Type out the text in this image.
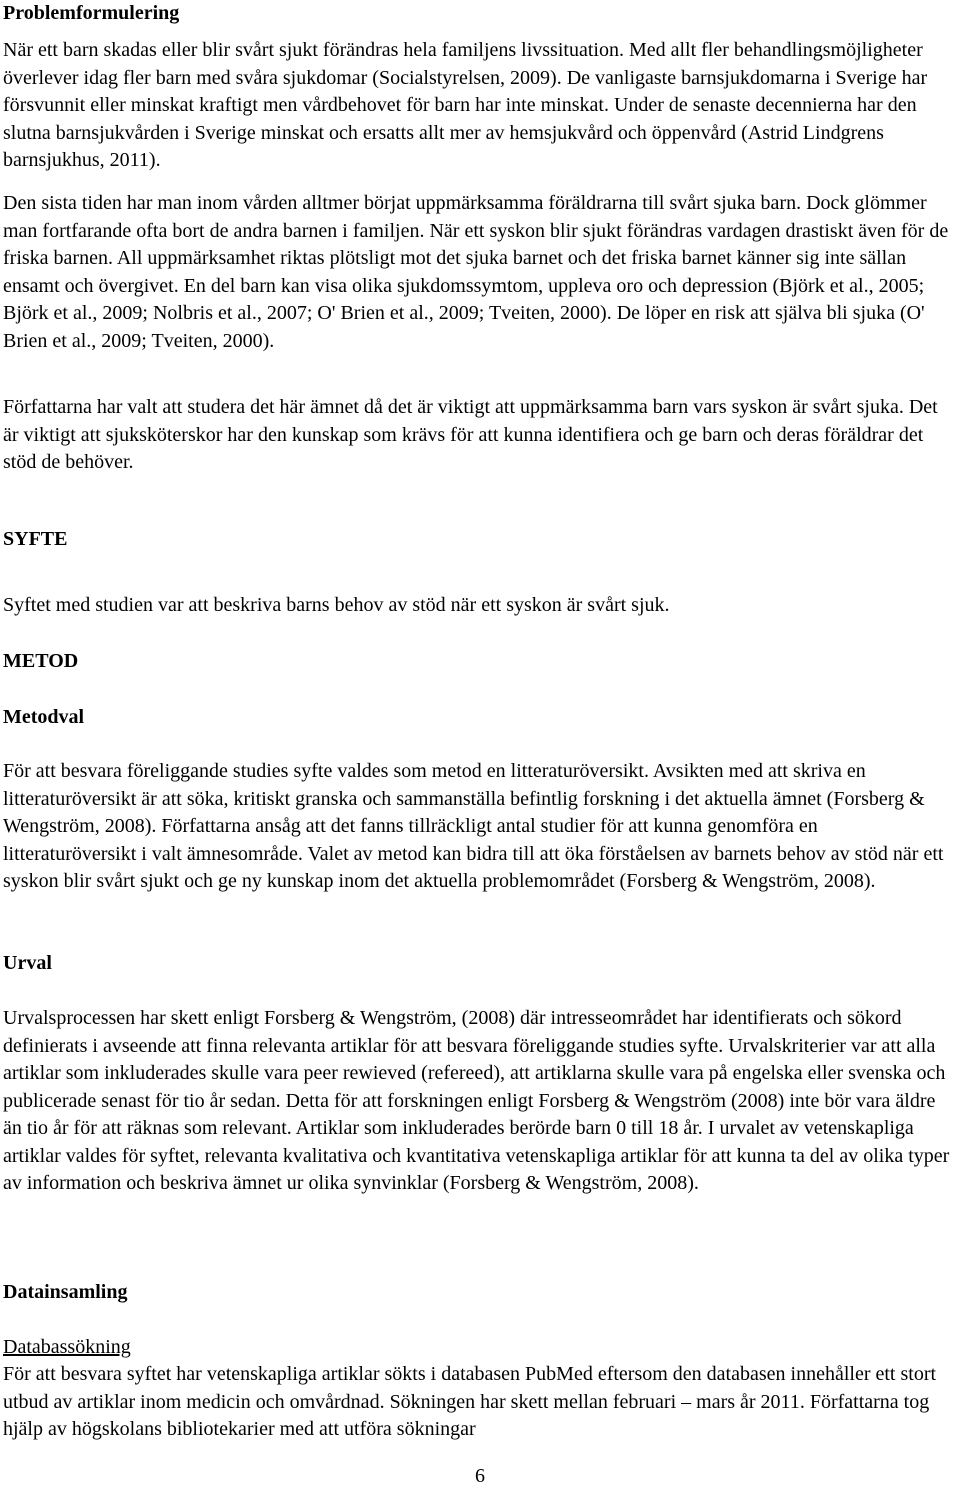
Problemformulering

När ett barn skadas eller blir svårt sjukt förändras hela familjens livssituation. Med allt fler behandlingsmöjligheter överlever idag fler barn med svåra sjukdomar (Socialstyrelsen, 2009). De vanligaste barnsjukdomarna i Sverige har försvunnit eller minskat kraftigt men vårdbehovet för barn har inte minskat. Under de senaste decennierna har den slutna barnsjukvården i Sverige minskat och ersatts allt mer av hemsjukvård och öppenvård (Astrid Lindgrens barnsjukhus, 2011).

Den sista tiden har man inom vården alltmer börjat uppmärksamma föräldrarna till svårt sjuka barn. Dock glömmer man fortfarande ofta bort de andra barnen i familjen. När ett syskon blir sjukt förändras vardagen drastiskt även för de friska barnen. All uppmärksamhet riktas plötsligt mot det sjuka barnet och det friska barnet känner sig inte sällan ensamt och övergivet. En del barn kan visa olika sjukdomssymtom, uppleva oro och depression (Björk et al., 2005; Björk et al., 2009; Nolbris et al., 2007; O' Brien et al., 2009; Tveiten, 2000). De löper en risk att själva bli sjuka (O' Brien et al., 2009; Tveiten, 2000).

Författarna har valt att studera det här ämnet då det är viktigt att uppmärksamma barn vars syskon är svårt sjuka. Det är viktigt att sjuksköterskor har den kunskap som krävs för att kunna identifiera och ge barn och deras föräldrar det stöd de behöver.

SYFTE

Syftet med studien var att beskriva barns behov av stöd när ett syskon är svårt sjuk.

METOD

Metodval

För att besvara föreliggande studies syfte valdes som metod en litteraturöversikt. Avsikten med att skriva en litteraturöversikt är att söka, kritiskt granska och sammanställa befintlig forskning i det aktuella ämnet (Forsberg & Wengström, 2008). Författarna ansåg att det fanns tillräckligt antal studier för att kunna genomföra en litteraturöversikt i valt ämnesområde. Valet av metod kan bidra till att öka förståelsen av barnets behov av stöd när ett syskon blir svårt sjukt och ge ny kunskap inom det aktuella problemområdet (Forsberg & Wengström, 2008).

Urval

Urvalsprocessen har skett enligt Forsberg & Wengström, (2008) där intresseområdet har identifierats och sökord definierats i avseende att finna relevanta artiklar för att besvara föreliggande studies syfte. Urvalskriterier var att alla artiklar som inkluderades skulle vara peer rewieved (refereed), att artiklarna skulle vara på engelska eller svenska och publicerade senast för tio år sedan. Detta för att forskningen enligt Forsberg & Wengström (2008) inte bör vara äldre än tio år för att räknas som relevant. Artiklar som inkluderades berörde barn 0 till 18 år. I urvalet av vetenskapliga artiklar valdes för syftet, relevanta kvalitativa och kvantitativa vetenskapliga artiklar för att kunna ta del av olika typer av information och beskriva ämnet ur olika synvinklar (Forsberg & Wengström, 2008).

Datainsamling

Databassökning

För att besvara syftet har vetenskapliga artiklar sökts i databasen PubMed eftersom den databasen innehåller ett stort utbud av artiklar inom medicin och omvårdnad. Sökningen har skett mellan februari – mars år 2011. Författarna tog hjälp av högskolans bibliotekarier med att utföra sökningar

6
